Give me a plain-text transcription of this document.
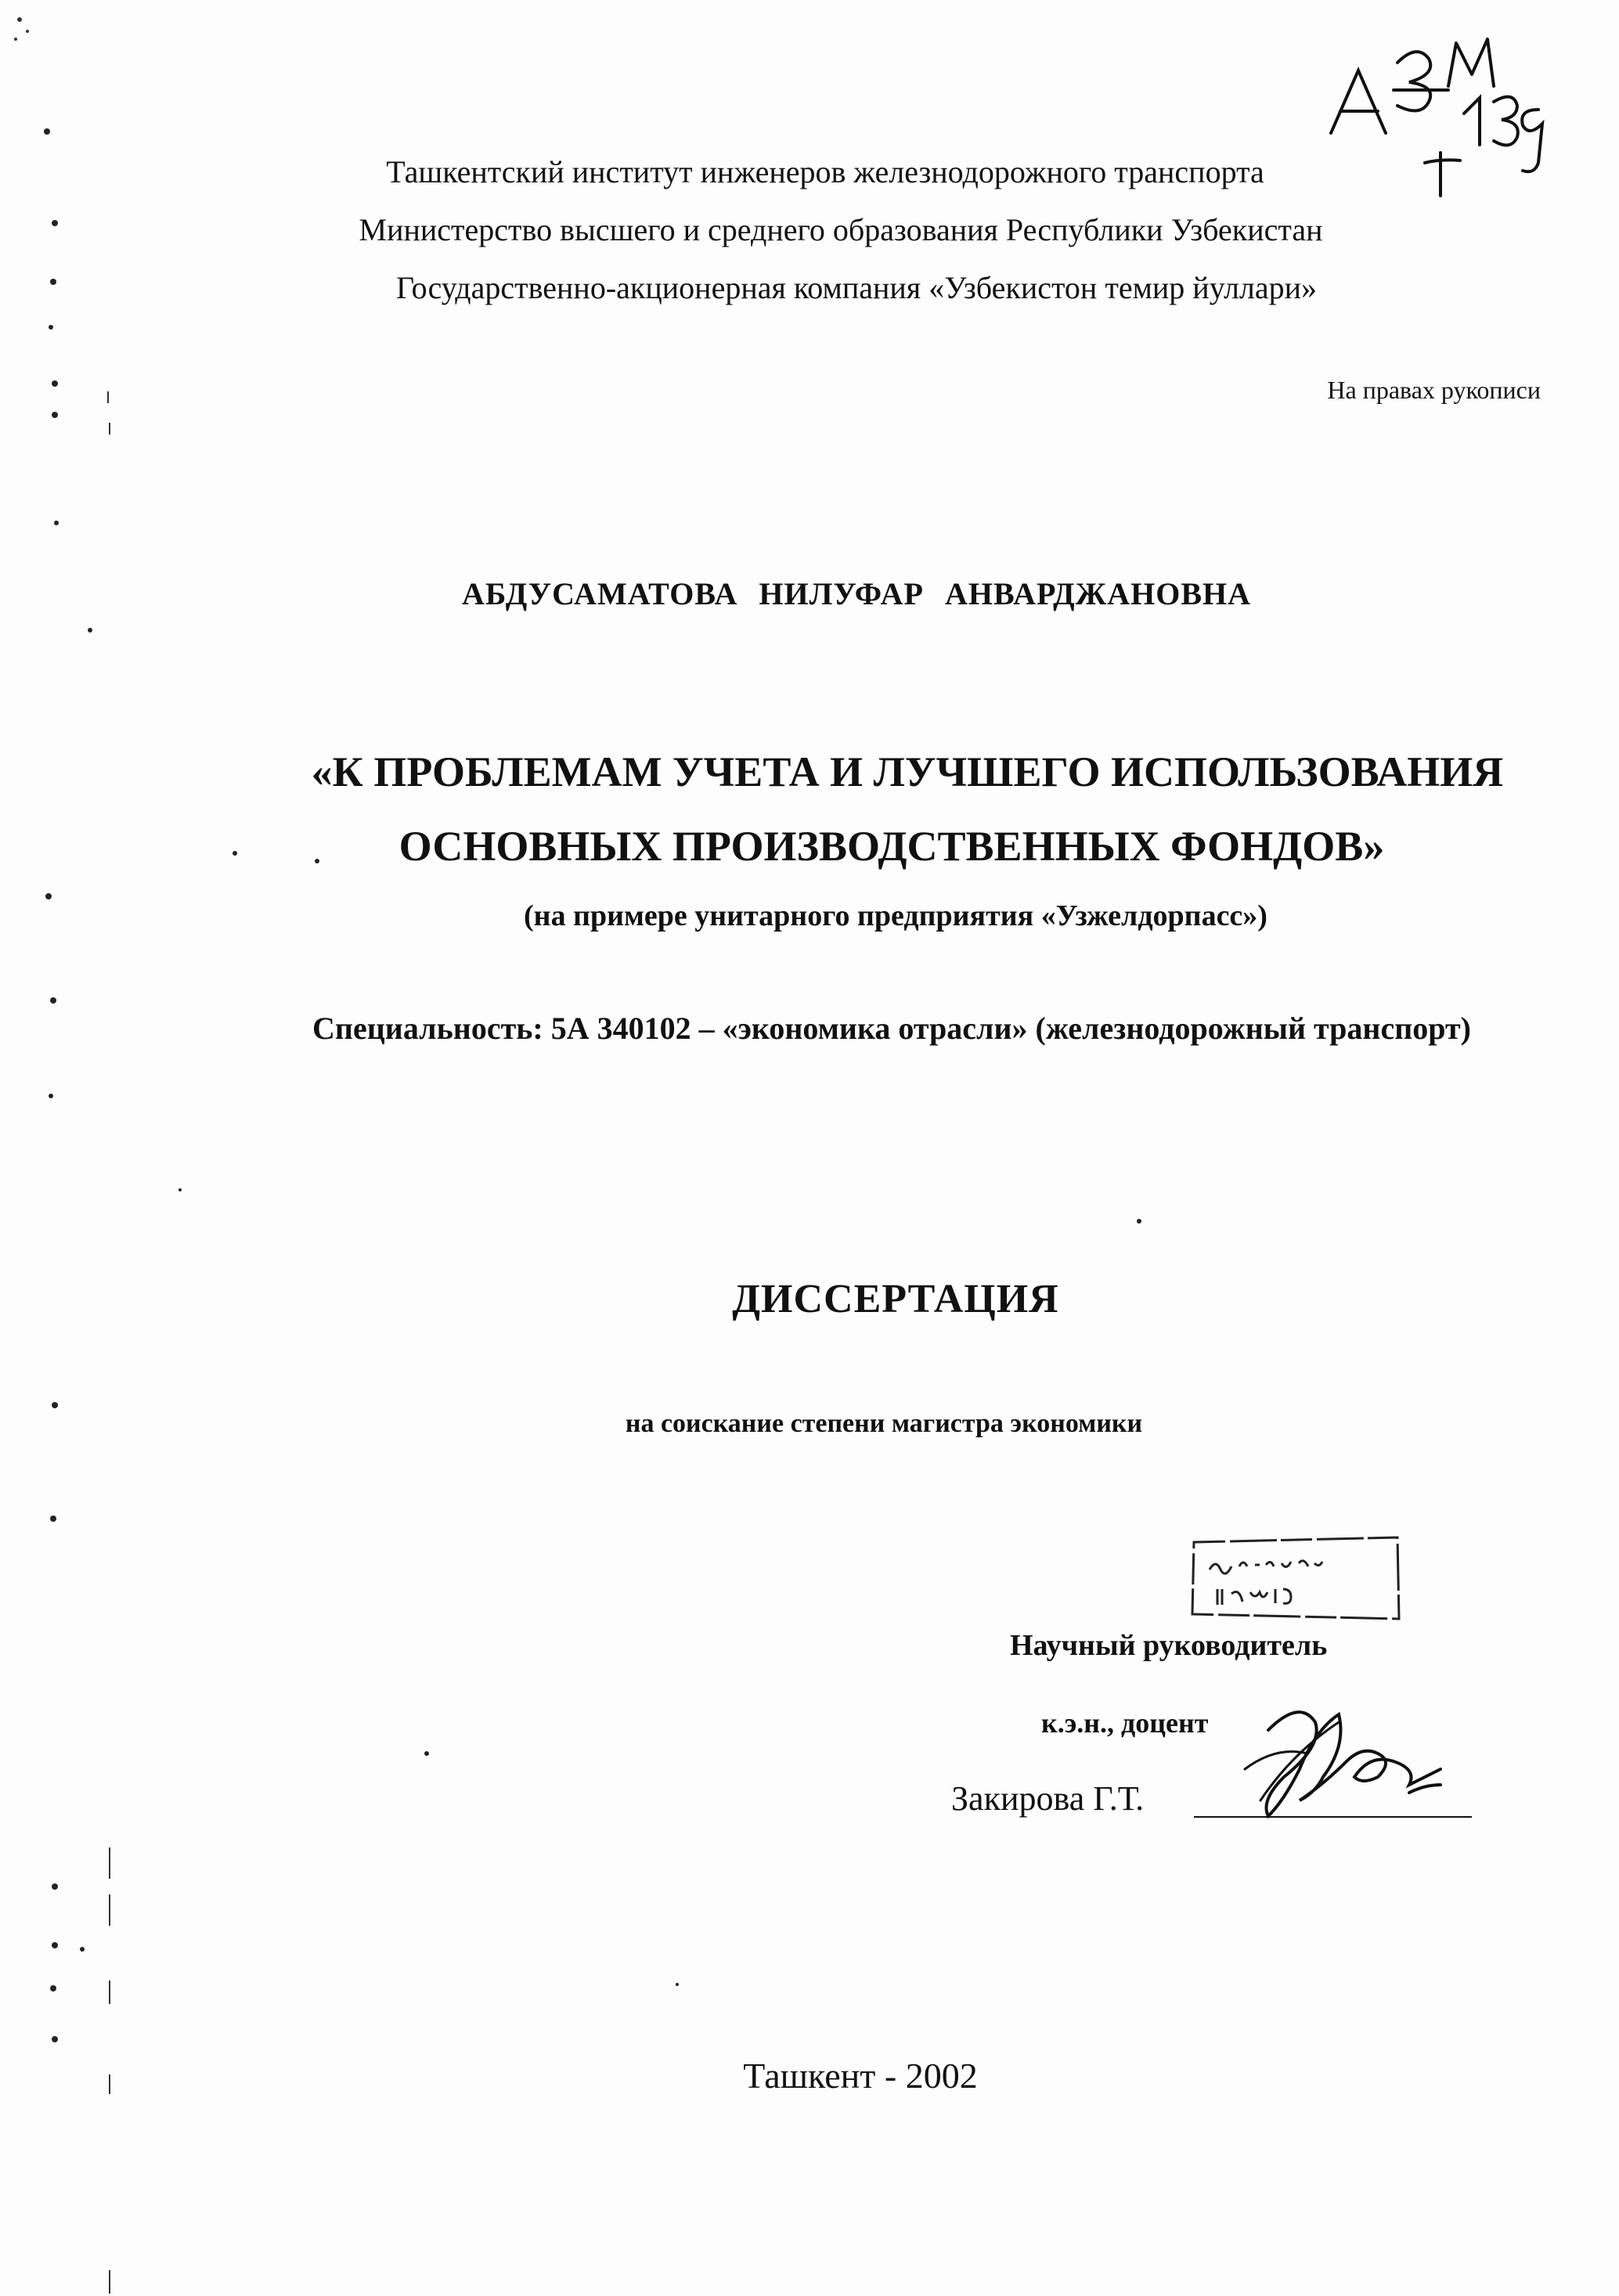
Ташкентский институт инженеров железнодорожного транспорта
Министерство высшего и среднего образования Республики Узбекистан
Государственно-акционерная компания «Узбекистон темир йуллари»
На правах рукописи
АБДУСАМАТОВА НИЛУФАР АНВАРДЖАНОВНА
«К ПРОБЛЕМАМ УЧЕТА И ЛУЧШЕГО ИСПОЛЬЗОВАНИЯ
ОСНОВНЫХ ПРОИЗВОДСТВЕННЫХ ФОНДОВ»
(на примере унитарного предприятия «Узжелдорпасс»)
Специальность: 5А 340102 – «экономика отрасли» (железнодорожный транспорт)
ДИССЕРТАЦИЯ
на соискание степени магистра экономики
Научный руководитель
к.э.н., доцент
Закирова Г.Т.
Ташкент - 2002
